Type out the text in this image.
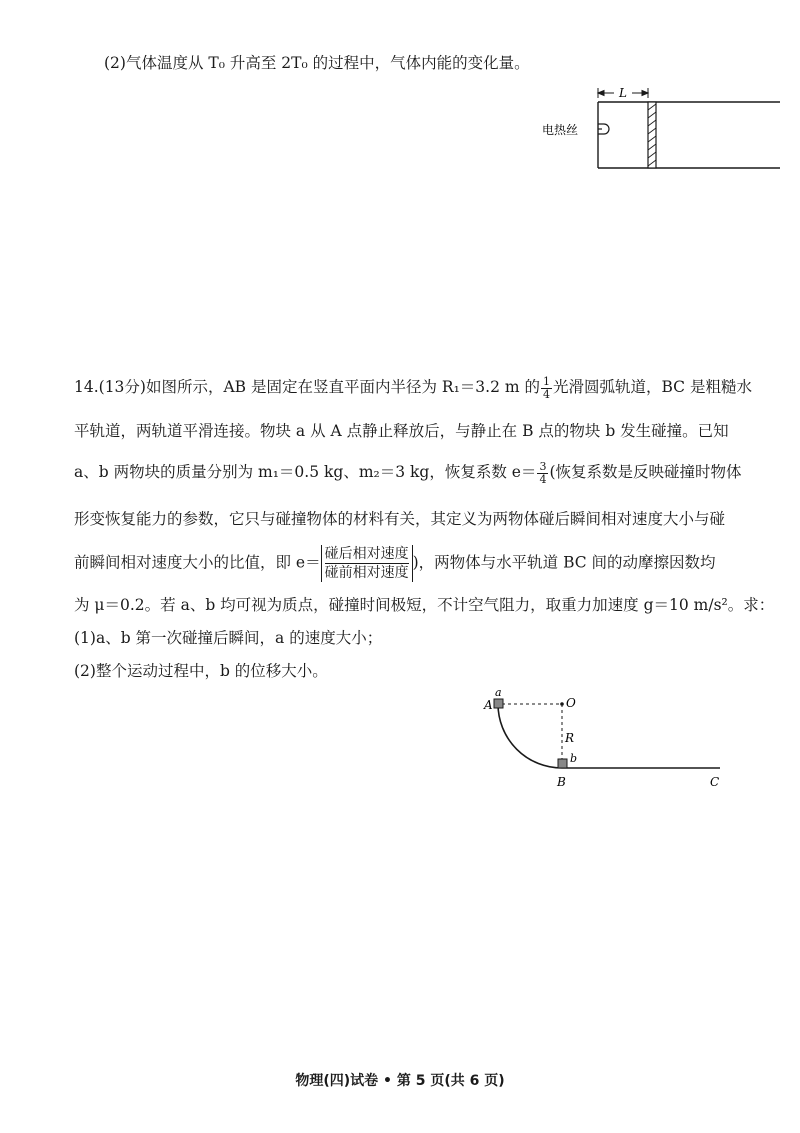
(2)气体温度从 T₀ 升高至 2T₀ 的过程中，气体内能的变化量。
L
电热丝
14.(13分)如图所示，AB 是固定在竖直平面内半径为 R₁＝3.2 m 的 $\frac{1}{4}$ 光滑圆弧轨道，BC 是粗糙水
平轨道，两轨道平滑连接。物块 a 从 A 点静止释放后，与静止在 B 点的物块 b 发生碰撞。已知
a、b 两物块的质量分别为 m₁＝0.5 kg、m₂＝3 kg，恢复系数 $e= \frac{3}{4}$ (恢复系数是反映碰撞时物体
形变恢复能力的参数，它只与碰撞物体的材料有关，其定义为两物体碰后瞬间相对速度大小与碰
前瞬间相对速度大小的比值，即 $e= \frac{\text{碰后相对速度}}{\text{碰前相对速度}}$ )，两物体与水平轨道 BC 间的动摩擦因数均
为 μ＝0.2。若 a、b 均可视为质点，碰撞时间极短，不计空气阻力，取重力加速度 g＝10 m/s²。求：
(1)a、b 第一次碰撞后瞬间，a 的速度大小；
(2)整个运动过程中，b 的位移大小。
A
a
O
R
b
B	C
物理(四)试卷 • 第 5 页(共 6 页)
